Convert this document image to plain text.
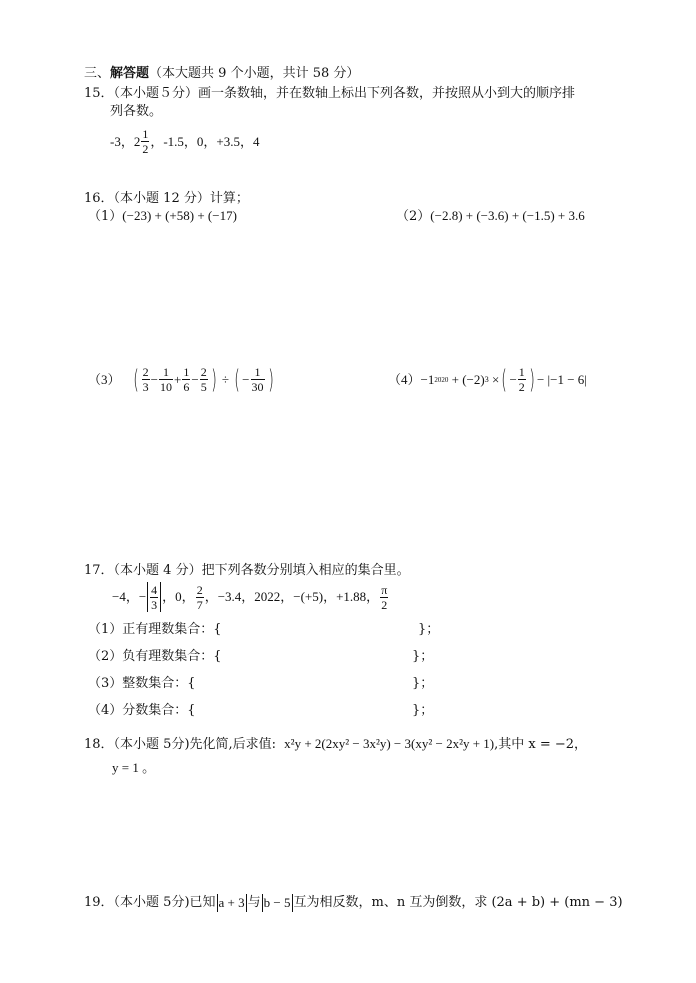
三、解答题（本大题共 9 个小题，共计 58 分）
15．（本小题５分）画一条数轴，并在数轴上标出下列各数，并按照从小到大的顺序排
列各数。
-3，$2 \frac{1}{2}$ ，-1.5，0，+3.5，4
16．（本小题 12 分）计算；
（1）(−23) + (+58) + (−17)	（2）(−2.8) + (−3.6) + (−1.5) + 3.6
（3） ( $\frac{2}{3} - \frac{1}{10} + \frac{1}{6} - \frac{2}{5}$ ) ÷ ( − $\frac{1}{30}$ )	（4） −1 2020 + (−2) 3 × ( − $\frac{1}{2}$ ) − |−1 − 6|
17．（本小题 4 分）把下列各数分别填入相应的集合里。
−4，− $\frac{4}{3}$ ，0， $\frac{2}{7}$ ，−3.4，2022，−(+5)，+1.88， $\frac{\pi}{2}$
（1）正有理数集合：{	}；
（2）负有理数集合：{	}；
（3）整数集合：{	}；
（4）分数集合：{	}；
18．（本小题 5分)先化简,后求值: x²y + 2(2xy² − 3x²y) − 3(xy² − 2x²y + 1),其中 x = −2，
y = 1 。
19．（本小题 5分)已知 a + 3 与 b − 5 互为相反数，m、n 互为倒数，求 (2a + b) + (mn − 3)
